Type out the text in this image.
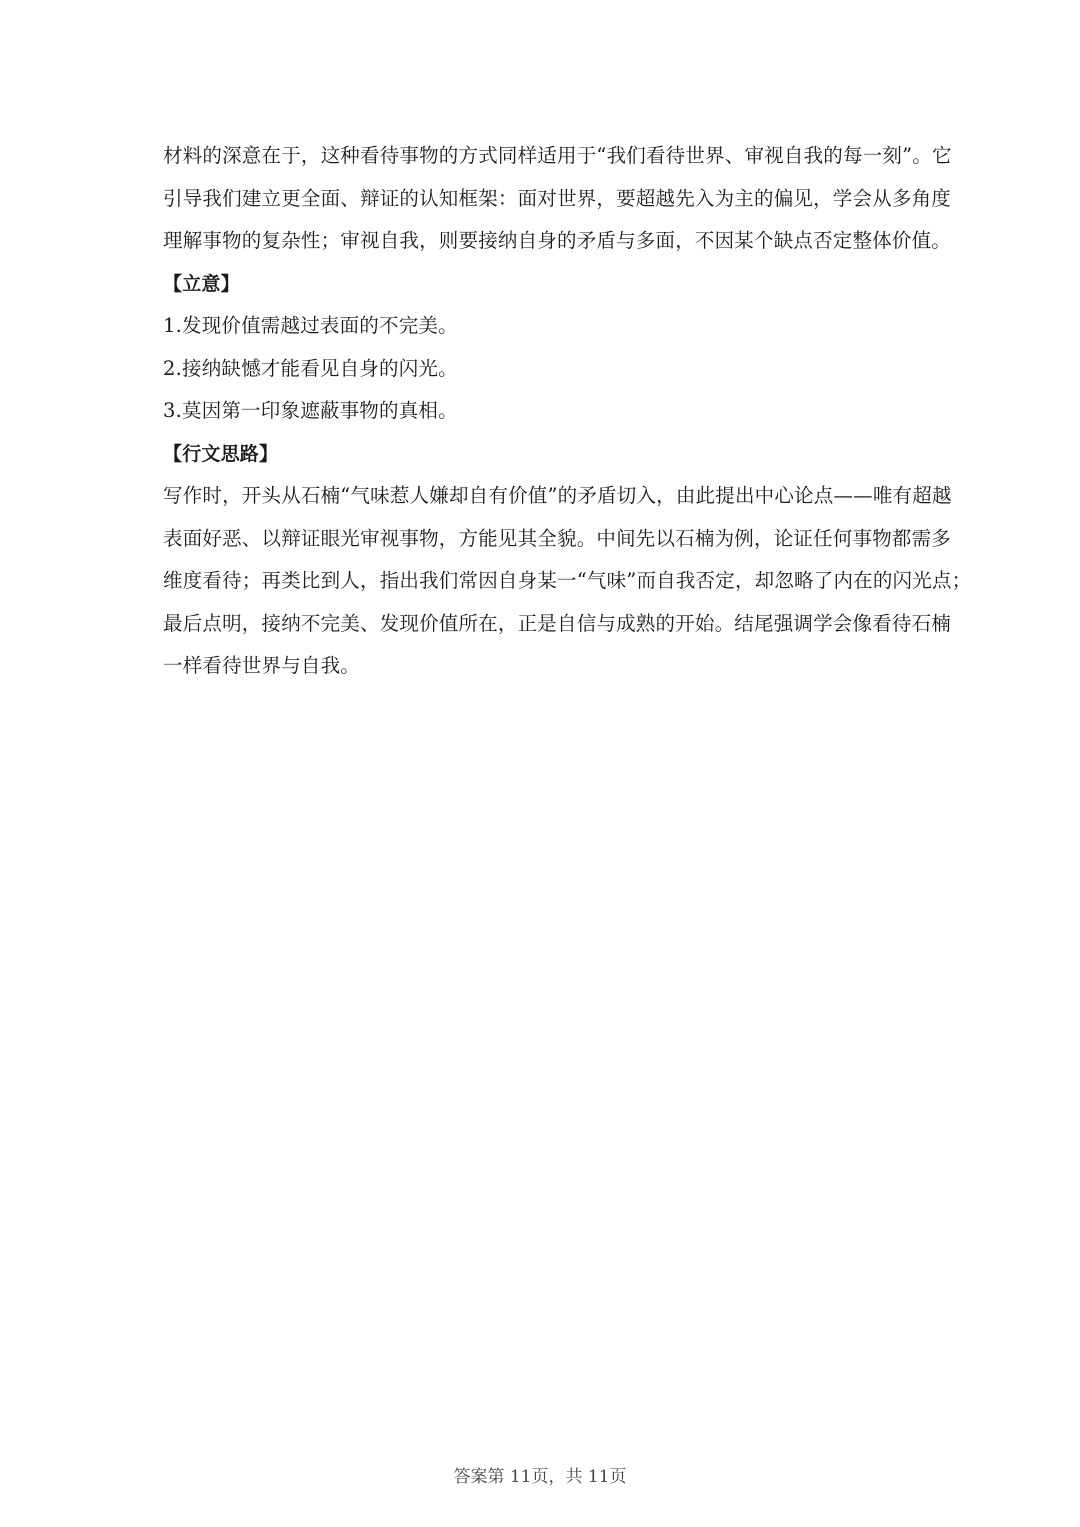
材料的深意在于，这种看待事物的方式同样适用于“我们看待世界、审视自我的每一刻”。它
引导我们建立更全面、辩证的认知框架：面对世界，要超越先入为主的偏见，学会从多角度
理解事物的复杂性；审视自我，则要接纳自身的矛盾与多面，不因某个缺点否定整体价值。
【立意】
1.发现价值需越过表面的不完美。
2.接纳缺憾才能看见自身的闪光。
3.莫因第一印象遮蔽事物的真相。
【行文思路】
写作时，开头从石楠“气味惹人嫌却自有价值”的矛盾切入，由此提出中心论点——唯有超越
表面好恶、以辩证眼光审视事物，方能见其全貌。中间先以石楠为例，论证任何事物都需多
维度看待；再类比到人，指出我们常因自身某一“气味”而自我否定，却忽略了内在的闪光点；
最后点明，接纳不完美、发现价值所在，正是自信与成熟的开始。结尾强调学会像看待石楠
一样看待世界与自我。
答案第 11页，共 11页
